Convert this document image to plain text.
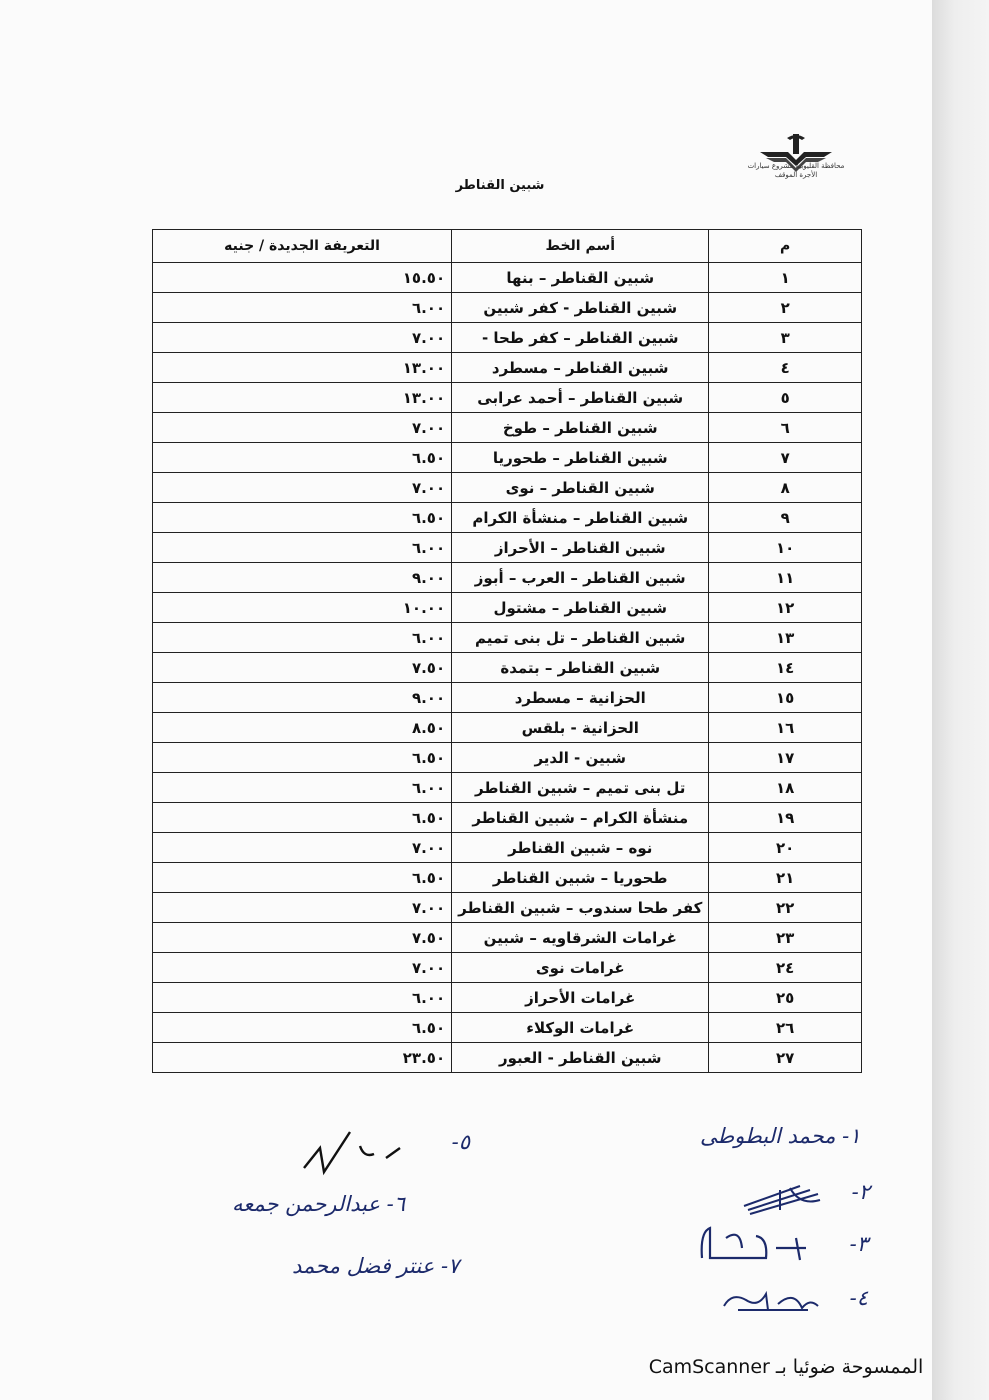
محافظة القليوبية مشروع سيارات الأجرة الموقف
شبين القناطر
م	أسم الخط	التعريفة الجديدة / جنيه
١	شبين القناطر – بنها	١٥.٥٠
٢	شبين القناطر - كفر شبين	٦.٠٠
٣	شبين القناطر – كفر طحا -	٧.٠٠
٤	شبين القناطر – مسطرد	١٣.٠٠
٥	شبين القناطر – أحمد عرابى	١٣.٠٠
٦	شبين القناطر – طوخ	٧.٠٠
٧	شبين القناطر – طحوريا	٦.٥٠
٨	شبين القناطر – نوى	٧.٠٠
٩	شبين القناطر – منشأة الكرام	٦.٥٠
١٠	شبين القناطر – الأحراز	٦.٠٠
١١	شبين القناطر – العرب – أبوز	٩.٠٠
١٢	شبين القناطر – مشتول	١٠.٠٠
١٣	شبين القناطر – تل بنى تميم	٦.٠٠
١٤	شبين القناطر – بتمدة	٧.٥٠
١٥	الحزانية – مسطرد	٩.٠٠
١٦	الحزانية - بلقس	٨.٥٠
١٧	شبين - الدير	٦.٥٠
١٨	تل بنى تميم – شبين القناطر	٦.٠٠
١٩	منشأة الكرام – شبين القناطر	٦.٥٠
٢٠	نوه – شبين القناطر	٧.٠٠
٢١	طحوريا – شبين القناطر	٦.٥٠
٢٢	كفر طحا سندوب – شبين القناطر	٧.٠٠
٢٣	غرامات الشرقاويه – شبين	٧.٥٠
٢٤	غرامات نوى	٧.٠٠
٢٥	غرامات الأحراز	٦.٠٠
٢٦	غرامات الوكلاء	٦.٥٠
٢٧	شبين القناطر - العبور	٢٣.٥٠
١- محمد البطوطى
٢-
٣-
٤-
٥-
٦- عبدالرحمن جمعه
٧- عنتر فضل محمد
الممسوحة ضوئيا بـ CamScanner
